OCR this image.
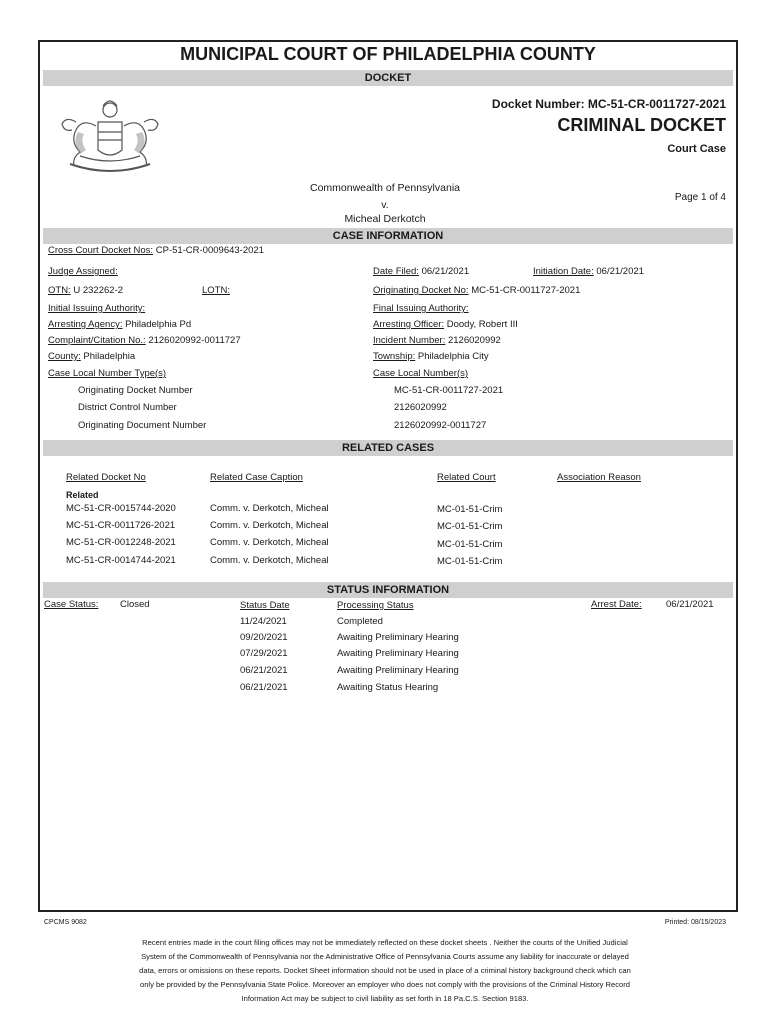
MUNICIPAL COURT OF PHILADELPHIA COUNTY
DOCKET
Docket Number: MC-51-CR-0011727-2021
CRIMINAL DOCKET
Court Case
Commonwealth of Pennsylvania
v.
Micheal Derkotch
Page 1 of 4
CASE INFORMATION
Cross Court Docket Nos: CP-51-CR-0009643-2021
Judge Assigned:	Date Filed: 06/21/2021	Initiation Date: 06/21/2021
OTN: U 232262-2	LOTN:	Originating Docket No: MC-51-CR-0011727-2021
Initial Issuing Authority:	Final Issuing Authority:
Arresting Agency: Philadelphia Pd	Arresting Officer: Doody, Robert III
Complaint/Citation No.: 2126020992-0011727	Incident Number: 2126020992
County: Philadelphia	Township: Philadelphia City
Case Local Number Type(s)	Case Local Number(s)
Originating Docket Number	MC-51-CR-0011727-2021
District Control Number	2126020992
Originating Document Number	2126020992-0011727
RELATED CASES
Related Docket No	Related Case Caption	Related Court	Association Reason
Related
MC-51-CR-0015744-2020	Comm. v. Derkotch, Micheal	MC-01-51-Crim
MC-51-CR-0011726-2021	Comm. v. Derkotch, Micheal	MC-01-51-Crim
MC-51-CR-0012248-2021	Comm. v. Derkotch, Micheal	MC-01-51-Crim
MC-51-CR-0014744-2021	Comm. v. Derkotch, Micheal	MC-01-51-Crim
STATUS INFORMATION
Case Status: Closed	Status Date	Processing Status	Arrest Date:	06/21/2021
11/24/2021	Completed
09/20/2021	Awaiting Preliminary Hearing
07/29/2021	Awaiting Preliminary Hearing
06/21/2021	Awaiting Preliminary Hearing
06/21/2021	Awaiting Status Hearing
CPCMS 9082	Printed: 08/15/2023
Recent entries made in the court filing offices may not be immediately reflected on these docket sheets . Neither the courts of the Unified Judicial
System of the Commonwealth of Pennsylvania nor the Administrative Office of Pennsylvania Courts assume any liability for inaccurate or delayed
data, errors or omissions on these reports. Docket Sheet information should not be used in place of a criminal history background check which can
only be provided by the Pennsylvania State Police. Moreover an employer who does not comply with the provisions of the Criminal History Record
Information Act may be subject to civil liability as set forth in 18 Pa.C.S. Section 9183.
